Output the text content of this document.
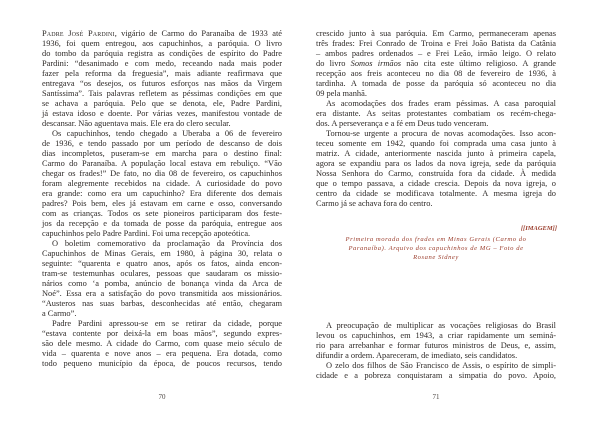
Padre José Pardini, vigário de Carmo do Paranaíba de 1933 até
1936, foi quem entregou, aos capuchinhos, a paróquia. O livro
do tombo da paróquia registra as condições de espírito do Padre
Pardini: “desanimado e com medo, receando nada mais poder
fazer pela reforma da freguesia”, mais adiante reafirmava que
entregava “os desejos, os futuros esforços nas mãos da Virgem
Santíssima”. Tais palavras refletem as péssimas condições em que
se achava a paróquia. Pelo que se denota, ele, Padre Pardini,
já estava idoso e doente. Por várias vezes, manifestou vontade de
descansar. Não aguentava mais. Ele era do clero secular.
Os capuchinhos, tendo chegado a Uberaba a 06 de fevereiro
de 1936, e tendo passado por um período de descanso de dois
dias incompletos, puseram-se em marcha para o destino final:
Carmo do Paranaíba. A população local estava em rebuliço. “Vão
chegar os frades!” De fato, no dia 08 de fevereiro, os capuchinhos
foram alegremente recebidos na cidade. A curiosidade do povo
era grande: como era um capuchinho? Era diferente dos demais
padres? Pois bem, eles já estavam em carne e osso, conversando
com as crianças. Todos os sete pioneiros participaram dos feste-
jos da recepção e da tomada de posse da paróquia, entregue aos
capuchinhos pelo Padre Pardini. Foi uma recepção apoteótica.
O boletim comemorativo da proclamação da Província dos
Capuchinhos de Minas Gerais, em 1980, à página 30, relata o
seguinte: “quarenta e quatro anos, após os fatos, ainda encon-
tram-se testemunhas oculares, pessoas que saudaram os missio-
nários como ‘a pomba, anúncio de bonança vinda da Arca de
Noé”. Essa era a satisfação do povo transmitida aos missionários.
“Austeros nas suas barbas, desconhecidas até então, chegaram
a Carmo”.
Padre Pardini apressou-se em se retirar da cidade, porque
“estava contente por deixá-la em boas mãos”, segundo expres-
são dele mesmo. A cidade do Carmo, com quase meio século de
vida – quarenta e nove anos – era pequena. Era dotada, como
todo pequeno município da época, de poucos recursos, tendo
70
crescido junto à sua paróquia. Em Carmo, permaneceram apenas
três frades: Frei Conrado de Troina e Frei João Batista da Catânia
– ambos padres ordenados – e Frei Leão, irmão leigo. O relato
do livro Somos irmãos não cita este último religioso. A grande
recepção aos freis aconteceu no dia 08 de fevereiro de 1936, à
tardinha. A tomada de posse da paróquia só aconteceu no dia
09 pela manhã.
As acomodações dos frades eram péssimas. A casa paroquial
era distante. As seitas protestantes combatiam os recém-chega-
dos. A perseverança e a fé em Deus tudo venceram.
Tornou-se urgente a procura de novas acomodações. Isso acon-
teceu somente em 1942, quando foi comprada uma casa junto à
matriz. A cidade, anteriormente nascida junto à primeira capela,
agora se expandiu para os lados da nova igreja, sede da paróquia
Nossa Senhora do Carmo, construída fora da cidade. À medida
que o tempo passava, a cidade crescia. Depois da nova igreja, o
centro da cidade se modificava totalmente. A mesma igreja do
Carmo já se achava fora do centro.
[[IMAGEM]]
Primeira morada dos frades em Minas Gerais (Carmo do
Paranaíba). Arquivo dos capuchinhos de MG – Foto de
Rosane Sidney
A preocupação de multiplicar as vocações religiosas do Brasil
levou os capuchinhos, em 1943, a criar rapidamente um seminá-
rio para arrebanhar e formar futuros ministros de Deus, e, assim,
difundir a ordem. Apareceram, de imediato, seis candidatos.
O zelo dos filhos de São Francisco de Assis, o espírito de simpli-
cidade e a pobreza conquistaram a simpatia do povo. Apoio,
71
